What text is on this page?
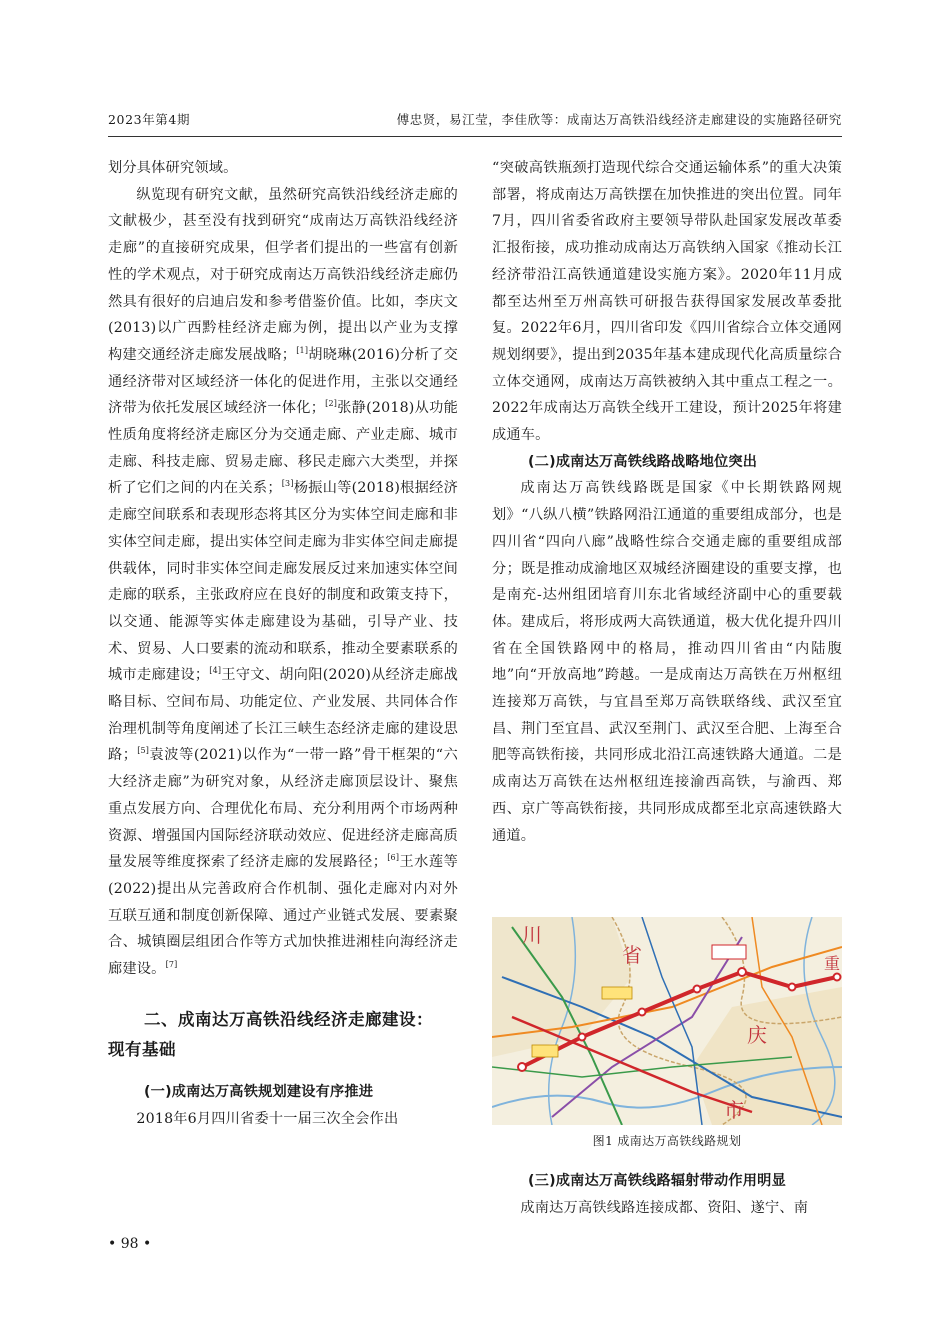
2023年第4期	傅忠贤，易江莹，李佳欣等：成南达万高铁沿线经济走廊建设的实施路径研究

划分具体研究领域。

纵览现有研究文献，虽然研究高铁沿线经济走廊的文献极少，甚至没有找到研究“成南达万高铁沿线经济走廊”的直接研究成果，但学者们提出的一些富有创新性的学术观点，对于研究成南达万高铁沿线经济走廊仍然具有很好的启迪启发和参考借鉴价值。比如，李庆文(2013)以广西黔桂经济走廊为例，提出以产业为支撑构建交通经济走廊发展战略；[1]胡晓琳(2016)分析了交通经济带对区域经济一体化的促进作用，主张以交通经济带为依托发展区域经济一体化；[2]张静(2018)从功能性质角度将经济走廊区分为交通走廊、产业走廊、城市走廊、科技走廊、贸易走廊、移民走廊六大类型，并探析了它们之间的内在关系；[3]杨振山等(2018)根据经济走廊空间联系和表现形态将其区分为实体空间走廊和非实体空间走廊，提出实体空间走廊为非实体空间走廊提供载体，同时非实体空间走廊发展反过来加速实体空间走廊的联系，主张政府应在良好的制度和政策支持下，以交通、能源等实体走廊建设为基础，引导产业、技术、贸易、人口要素的流动和联系，推动全要素联系的城市走廊建设；[4]王守文、胡向阳(2020)从经济走廊战略目标、空间布局、功能定位、产业发展、共同体合作治理机制等角度阐述了长江三峡生态经济走廊的建设思路；[5]袁波等(2021)以作为“一带一路”骨干框架的“六大经济走廊”为研究对象，从经济走廊顶层设计、聚焦重点发展方向、合理优化布局、充分利用两个市场两种资源、增强国内国际经济联动效应、促进经济走廊高质量发展等维度探索了经济走廊的发展路径；[6]王水莲等(2022)提出从完善政府合作机制、强化走廊对内对外互联互通和制度创新保障、通过产业链式发展、要素聚合、城镇圈层组团合作等方式加快推进湘桂向海经济走廊建设。[7]

二、成南达万高铁沿线经济走廊建设：
现有基础
(一)成南达万高铁规划建设有序推进

2018年6月四川省委十一届三次全会作出

“突破高铁瓶颈打造现代综合交通运输体系”的重大决策部署，将成南达万高铁摆在加快推进的突出位置。同年7月，四川省委省政府主要领导带队赴国家发展改革委汇报衔接，成功推动成南达万高铁纳入国家《推动长江经济带沿江高铁通道建设实施方案》。2020年11月成都至达州至万州高铁可研报告获得国家发展改革委批复。2022年6月，四川省印发《四川省综合立体交通网规划纲要》，提出到2035年基本建成现代化高质量综合立体交通网，成南达万高铁被纳入其中重点工程之一。2022年成南达万高铁全线开工建设，预计2025年将建成通车。

(二)成南达万高铁线路战略地位突出

成南达万高铁线路既是国家《中长期铁路网规划》“八纵八横”铁路网沿江通道的重要组成部分，也是四川省“四向八廊”战略性综合交通走廊的重要组成部分；既是推动成渝地区双城经济圈建设的重要支撑，也是南充-达州组团培育川东北省域经济副中心的重要载体。建成后，将形成两大高铁通道，极大优化提升四川省在全国铁路网中的格局，推动四川省由“内陆腹地”向“开放高地”跨越。一是成南达万高铁在万州枢纽连接郑万高铁，与宜昌至郑万高铁联络线、武汉至宜昌、荆门至宜昌、武汉至荆门、武汉至合肥、上海至合肥等高铁衔接，共同形成北沿江高速铁路大通道。二是成南达万高铁在达州枢纽连接渝西高铁，与渝西、郑西、京广等高铁衔接，共同形成成都至北京高速铁路大通道。

川
省
庆
市
重
图1 成南达万高铁线路规划
(三)成南达万高铁线路辐射带动作用明显

成南达万高铁线路连接成都、资阳、遂宁、南

• 98 •
